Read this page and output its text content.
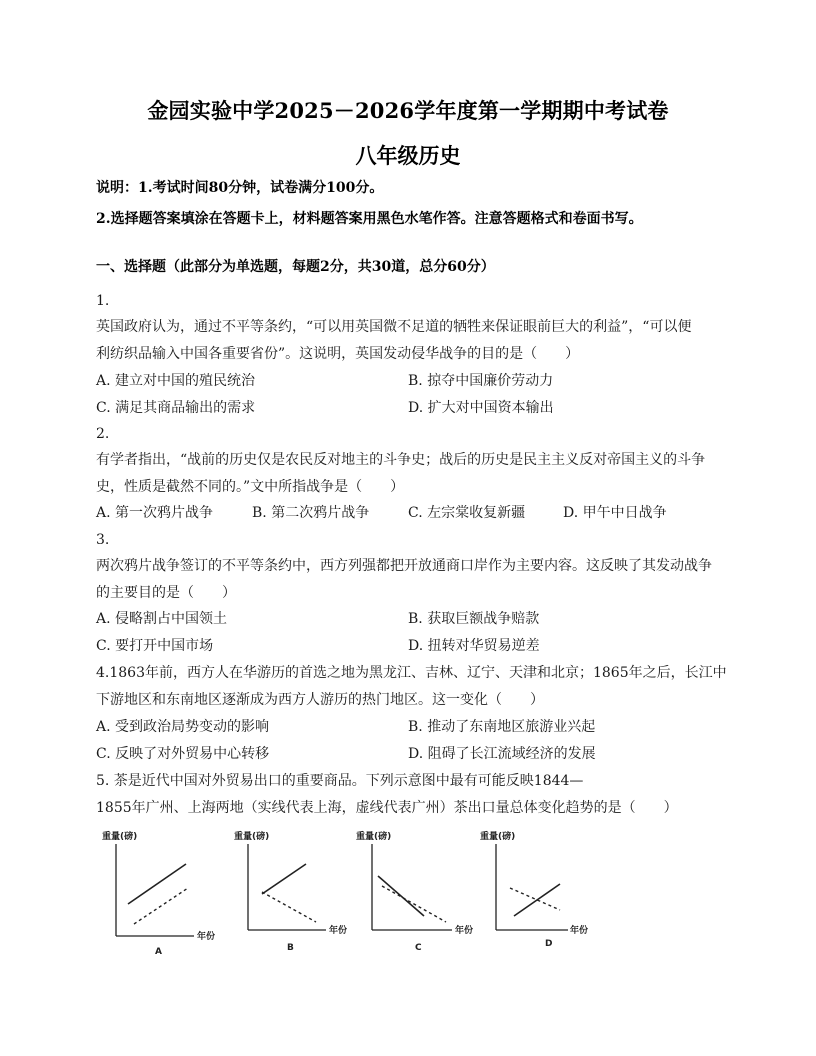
金园实验中学2025－2026学年度第一学期期中考试卷
八年级历史
说明：1.考试时间80分钟，试卷满分100分。
2.选择题答案填涂在答题卡上，材料题答案用黑色水笔作答。注意答题格式和卷面书写。
一、选择题（此部分为单选题，每题2分，共30道，总分60分）
1.
英国政府认为，通过不平等条约，“可以用英国微不足道的牺牲来保证眼前巨大的利益”，“可以便
利纺织品输入中国各重要省份”。这说明，英国发动侵华战争的目的是（　　）
A. 建立对中国的殖民统治	B. 掠夺中国廉价劳动力
C. 满足其商品输出的需求	D. 扩大对中国资本输出
2.
有学者指出，“战前的历史仅是农民反对地主的斗争史；战后的历史是民主主义反对帝国主义的斗争
史，性质是截然不同的。”文中所指战争是（　　）
A. 第一次鸦片战争	B. 第二次鸦片战争	C. 左宗棠收复新疆	D. 甲午中日战争
3.
两次鸦片战争签订的不平等条约中，西方列强都把开放通商口岸作为主要内容。这反映了其发动战争
的主要目的是（　　）
A. 侵略割占中国领土	B. 获取巨额战争赔款
C. 要打开中国市场	D. 扭转对华贸易逆差
4.1863年前，西方人在华游历的首选之地为黑龙江、吉林、辽宁、天津和北京；1865年之后，长江中
下游地区和东南地区逐渐成为西方人游历的热门地区。这一变化（　　）
A. 受到政治局势变动的影响	B. 推动了东南地区旅游业兴起
C. 反映了对外贸易中心转移	D. 阻碍了长江流域经济的发展
5. 茶是近代中国对外贸易出口的重要商品。下列示意图中最有可能反映1844—
1855年广州、上海两地（实线代表上海，虚线代表广州）茶出口量总体变化趋势的是（　　）
重量(磅)
年份
A
重量(磅)
年份
B
重量(磅)
年份
C
重量(磅)
年份
D
